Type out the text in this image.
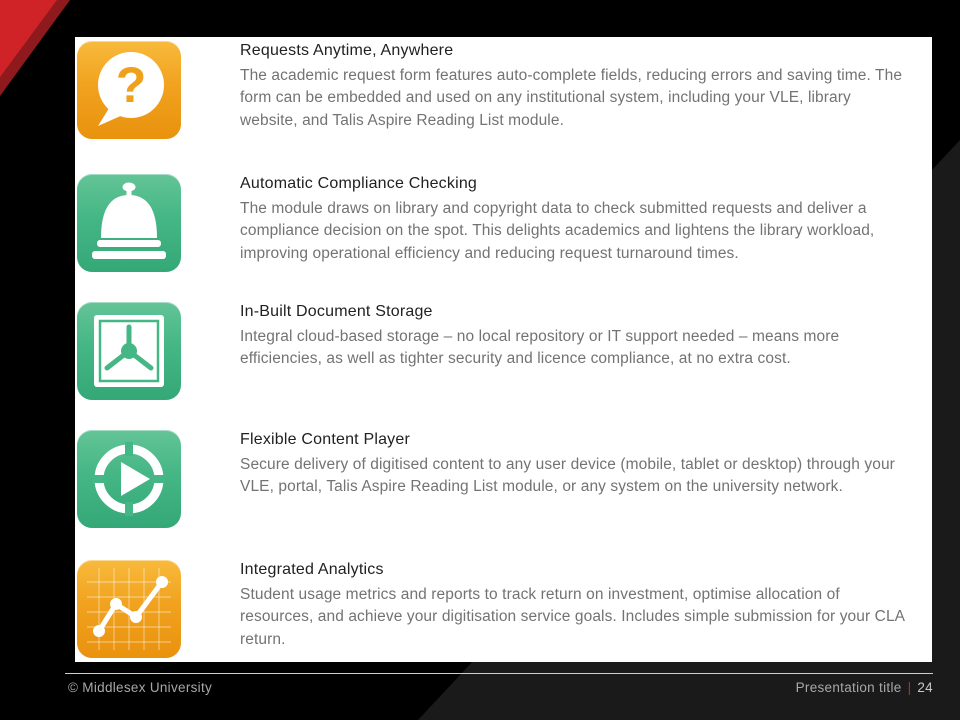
?
Requests Anytime, Anywhere
The academic request form features auto-complete fields, reducing errors and saving time. The form can be embedded and used on any institutional system, including your VLE, library website, and Talis Aspire Reading List module.
Automatic Compliance Checking
The module draws on library and copyright data to check submitted requests and deliver a compliance decision on the spot. This delights academics and lightens the library workload, improving operational efficiency and reducing request turnaround times.
In-Built Document Storage
Integral cloud-based storage – no local repository or IT support needed – means more efficiencies, as well as tighter security and licence compliance, at no extra cost.
Flexible Content Player
Secure delivery of digitised content to any user device (mobile, tablet or desktop) through your VLE, portal, Talis Aspire Reading List module, or any system on the university network.
Integrated Analytics
Student usage metrics and reports to track return on investment, optimise allocation of resources, and achieve your digitisation service goals. Includes simple submission for your CLA return.
© Middlesex University	Presentation title | 24
